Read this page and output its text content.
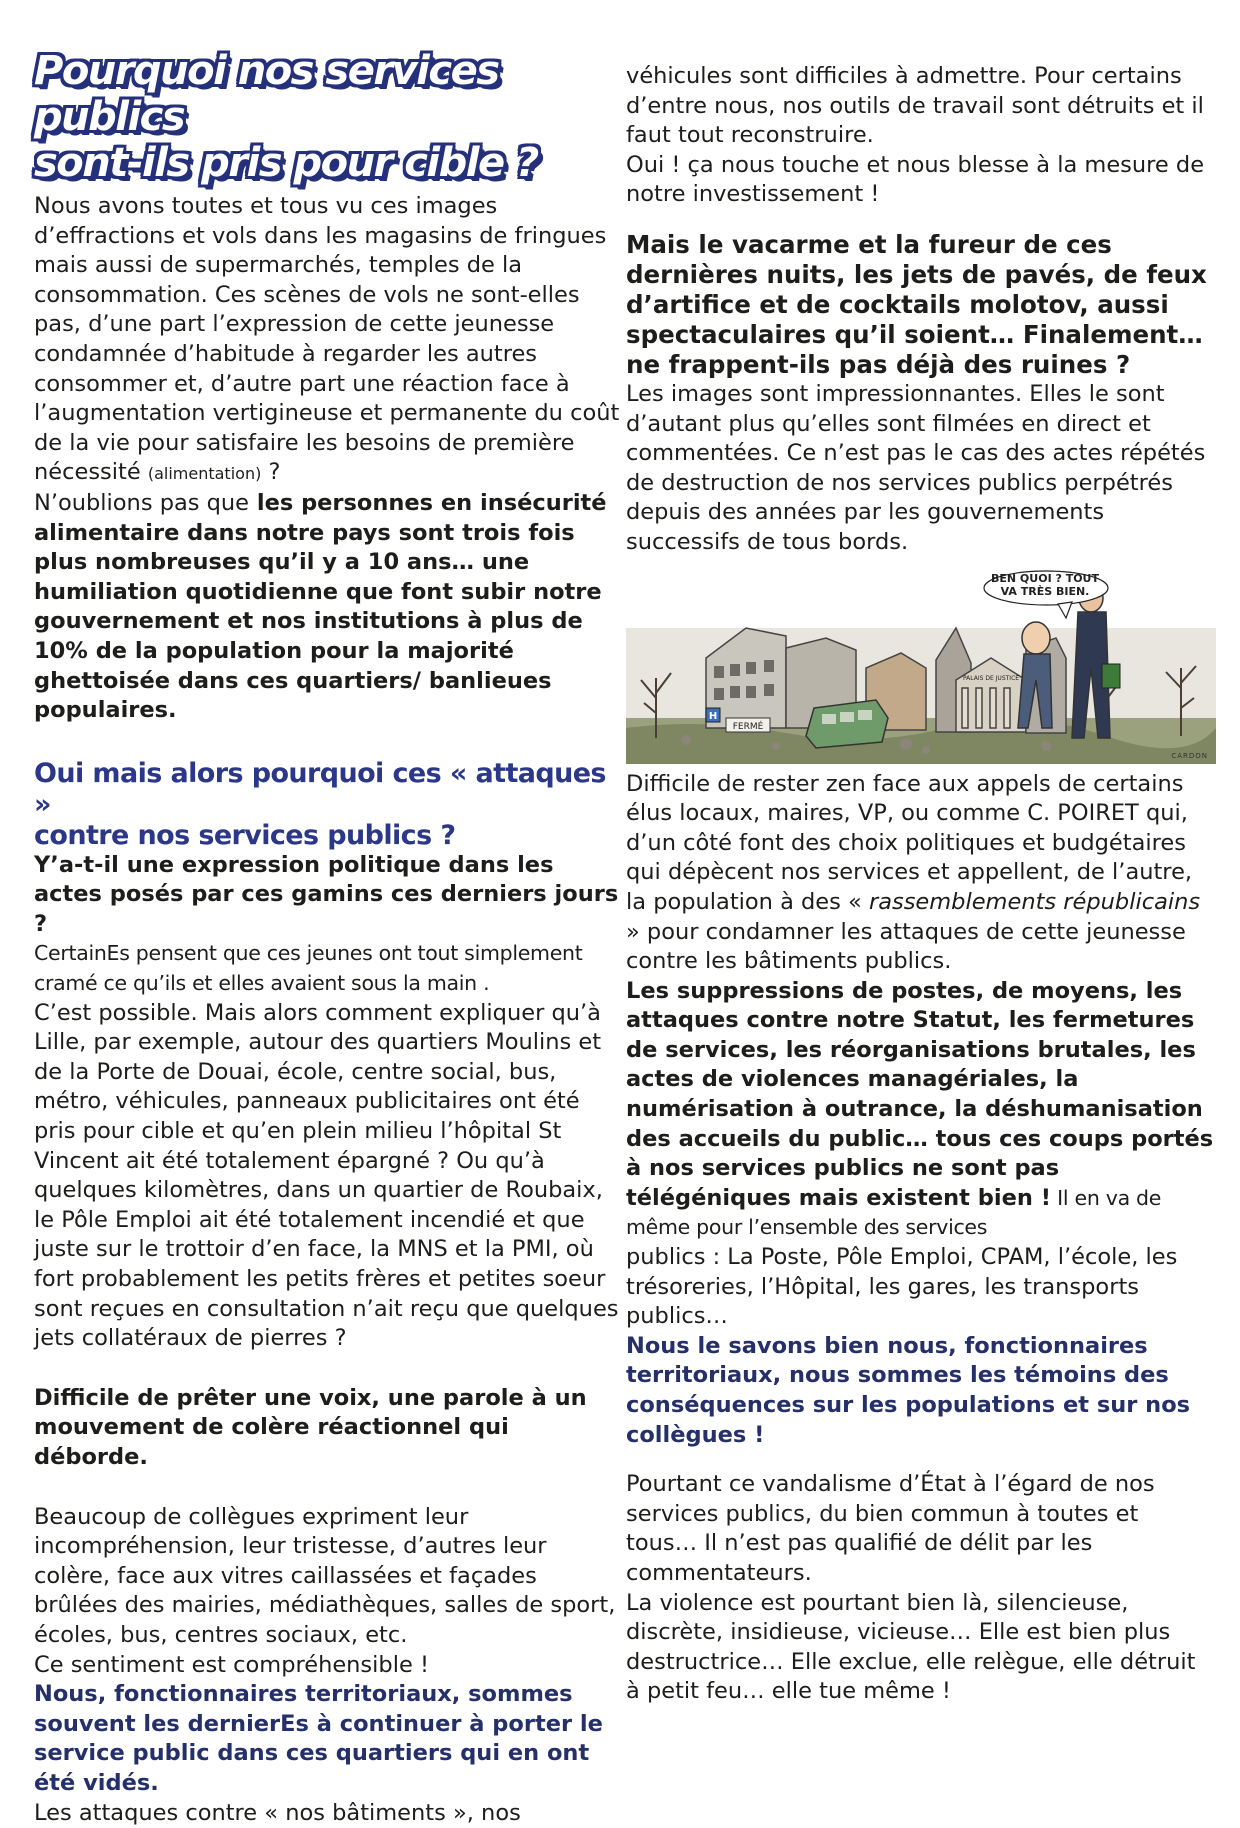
Pourquoi nos services publics
sont-ils pris pour cible ?

Nous avons toutes et tous vu ces images d’effractions et vols dans les magasins de fringues mais aussi de supermarchés, temples de la consommation. Ces scènes de vols ne sont-elles pas, d’une part l’expression de cette jeunesse condamnée d’habitude à regarder les autres consommer et, d’autre part une réaction face à l’augmentation vertigineuse et permanente du coût de la vie pour satisfaire les besoins de première nécessité (alimentation) ?

N’oublions pas que les personnes en insécurité alimentaire dans notre pays sont trois fois plus nombreuses qu’il y a 10 ans… une humiliation quotidienne que font subir notre gouvernement et nos institutions à plus de 10% de la population pour la majorité ghettoisée dans ces quartiers/ banlieues populaires.

Oui mais alors pourquoi ces « attaques »
contre nos services publics ?

Y’a-t-il une expression politique dans les actes posés par ces gamins ces derniers jours ?

CertainEs pensent que ces jeunes ont tout simplement cramé ce qu’ils et elles avaient sous la main .

C’est possible. Mais alors comment expliquer qu’à Lille, par exemple, autour des quartiers Moulins et de la Porte de Douai, école, centre social, bus, métro, véhicules, panneaux publicitaires ont été pris pour cible et qu’en plein milieu l’hôpital St Vincent ait été totalement épargné ? Ou qu’à quelques kilomètres, dans un quartier de Roubaix, le Pôle Emploi ait été totalement incendié et que juste sur le trottoir d’en face, la MNS et la PMI, où fort probablement les petits frères et petites soeur sont reçues en consultation n’ait reçu que quelques jets collatéraux de pierres ?

Difficile de prêter une voix, une parole à un mouvement de colère réactionnel qui déborde.

Beaucoup de collègues expriment leur incompréhension, leur tristesse, d’autres leur colère, face aux vitres caillassées et façades brûlées des mairies, médiathèques, salles de sport, écoles, bus, centres sociaux, etc.

Ce sentiment est compréhensible !

Nous, fonctionnaires territoriaux, sommes souvent les dernierEs à continuer à porter le service public dans ces quartiers qui en ont été vidés.

Les attaques contre « nos bâtiments », nos

véhicules sont difficiles à admettre. Pour certains d’entre nous, nos outils de travail sont détruits et il faut tout reconstruire.

Oui ! ça nous touche et nous blesse à la mesure de notre investissement !

Mais le vacarme et la fureur de ces dernières nuits, les jets de pavés, de feux d’artifice et de cocktails molotov, aussi spectaculaires qu’il soient… Finalement… ne frappent-ils pas déjà des ruines ?

Les images sont impressionnantes. Elles le sont d’autant plus qu’elles sont filmées en direct et commentées. Ce n’est pas le cas des actes répétés de destruction de nos services publics perpétrés depuis des années par les gouvernements successifs de tous bords.

FERMÉ
PALAIS DE JUSTICE
H
BEN QUOI ? TOUT VA TRÈS BIEN.
CARDON

Difficile de rester zen face aux appels de certains élus locaux, maires, VP, ou comme C. POIRET qui, d’un côté font des choix politiques et budgétaires qui dépècent nos services et appellent, de l’autre, la population à des « rassemblements républicains » pour condamner les attaques de cette jeunesse contre les bâtiments publics.

Les suppressions de postes, de moyens, les attaques contre notre Statut, les fermetures de services, les réorganisations brutales, les actes de violences managériales, la numérisation à outrance, la déshumanisation des accueils du public… tous ces coups portés à nos services publics ne sont pas télégéniques mais existent bien ! Il en va de même pour l’ensemble des services

publics : La Poste, Pôle Emploi, CPAM, l’école, les trésoreries, l’Hôpital, les gares, les transports publics…

Nous le savons bien nous, fonctionnaires territoriaux, nous sommes les témoins des conséquences sur les populations et sur nos collègues !

Pourtant ce vandalisme d’État à l’égard de nos services publics, du bien commun à toutes et tous… Il n’est pas qualifié de délit par les commentateurs.

La violence est pourtant bien là, silencieuse, discrète, insidieuse, vicieuse… Elle est bien plus destructrice… Elle exclue, elle relègue, elle détruit à petit feu… elle tue même !
